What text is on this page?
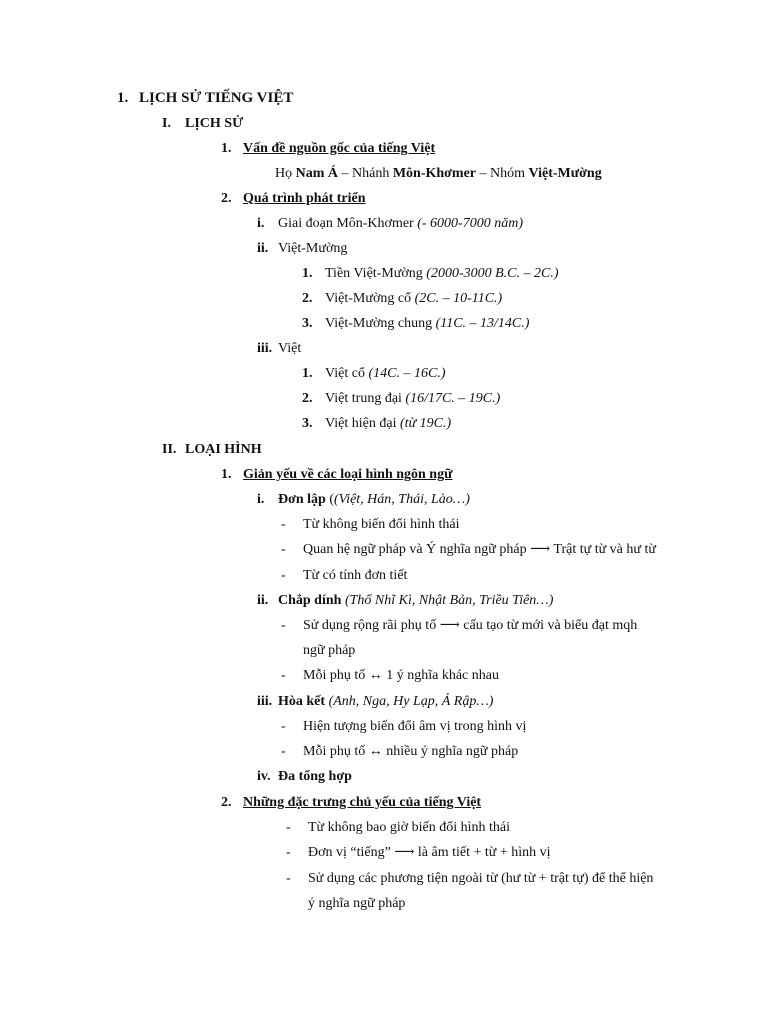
1. LỊCH SỬ TIẾNG VIỆT
I. LỊCH SỬ
1. Vấn đề nguồn gốc của tiếng Việt
Họ Nam Á – Nhánh Môn-Khơmer – Nhóm Việt-Mường
2. Quá trình phát triển
i. Giai đoạn Môn-Khơmer (- 6000-7000 năm)
ii. Việt-Mường
1. Tiền Việt-Mường (2000-3000 B.C. – 2C.)
2. Việt-Mường cổ (2C. – 10-11C.)
3. Việt-Mường chung (11C. – 13/14C.)
iii. Việt
1. Việt cổ (14C. – 16C.)
2. Việt trung đại (16/17C. – 19C.)
3. Việt hiện đại (từ 19C.)
II. LOẠI HÌNH
1. Giản yếu về các loại hình ngôn ngữ
i. Đơn lập ((Việt, Hán, Thái, Lào…)
- Từ không biến đổi hình thái
- Quan hệ ngữ pháp và Ý nghĩa ngữ pháp ⟶ Trật tự từ và hư từ
- Từ có tính đơn tiết
ii. Chắp dính (Thổ Nhĩ Kì, Nhật Bản, Triều Tiên…)
- Sử dụng rộng rãi phụ tố ⟶ cấu tạo từ mới và biểu đạt mqh
ngữ pháp
- Mỗi phụ tố ↔ 1 ý nghĩa khác nhau
iii. Hòa kết (Anh, Nga, Hy Lạp, Ả Rập…)
- Hiện tượng biến đổi âm vị trong hình vị
- Mỗi phụ tố ↔ nhiều ý nghĩa ngữ pháp
iv. Đa tổng hợp
2. Những đặc trưng chủ yếu của tiếng Việt
- Từ không bao giờ biến đổi hình thái
- Đơn vị “tiếng” ⟶ là âm tiết + từ + hình vị
- Sử dụng các phương tiện ngoài từ (hư từ + trật tự) để thể hiện
ý nghĩa ngữ pháp
